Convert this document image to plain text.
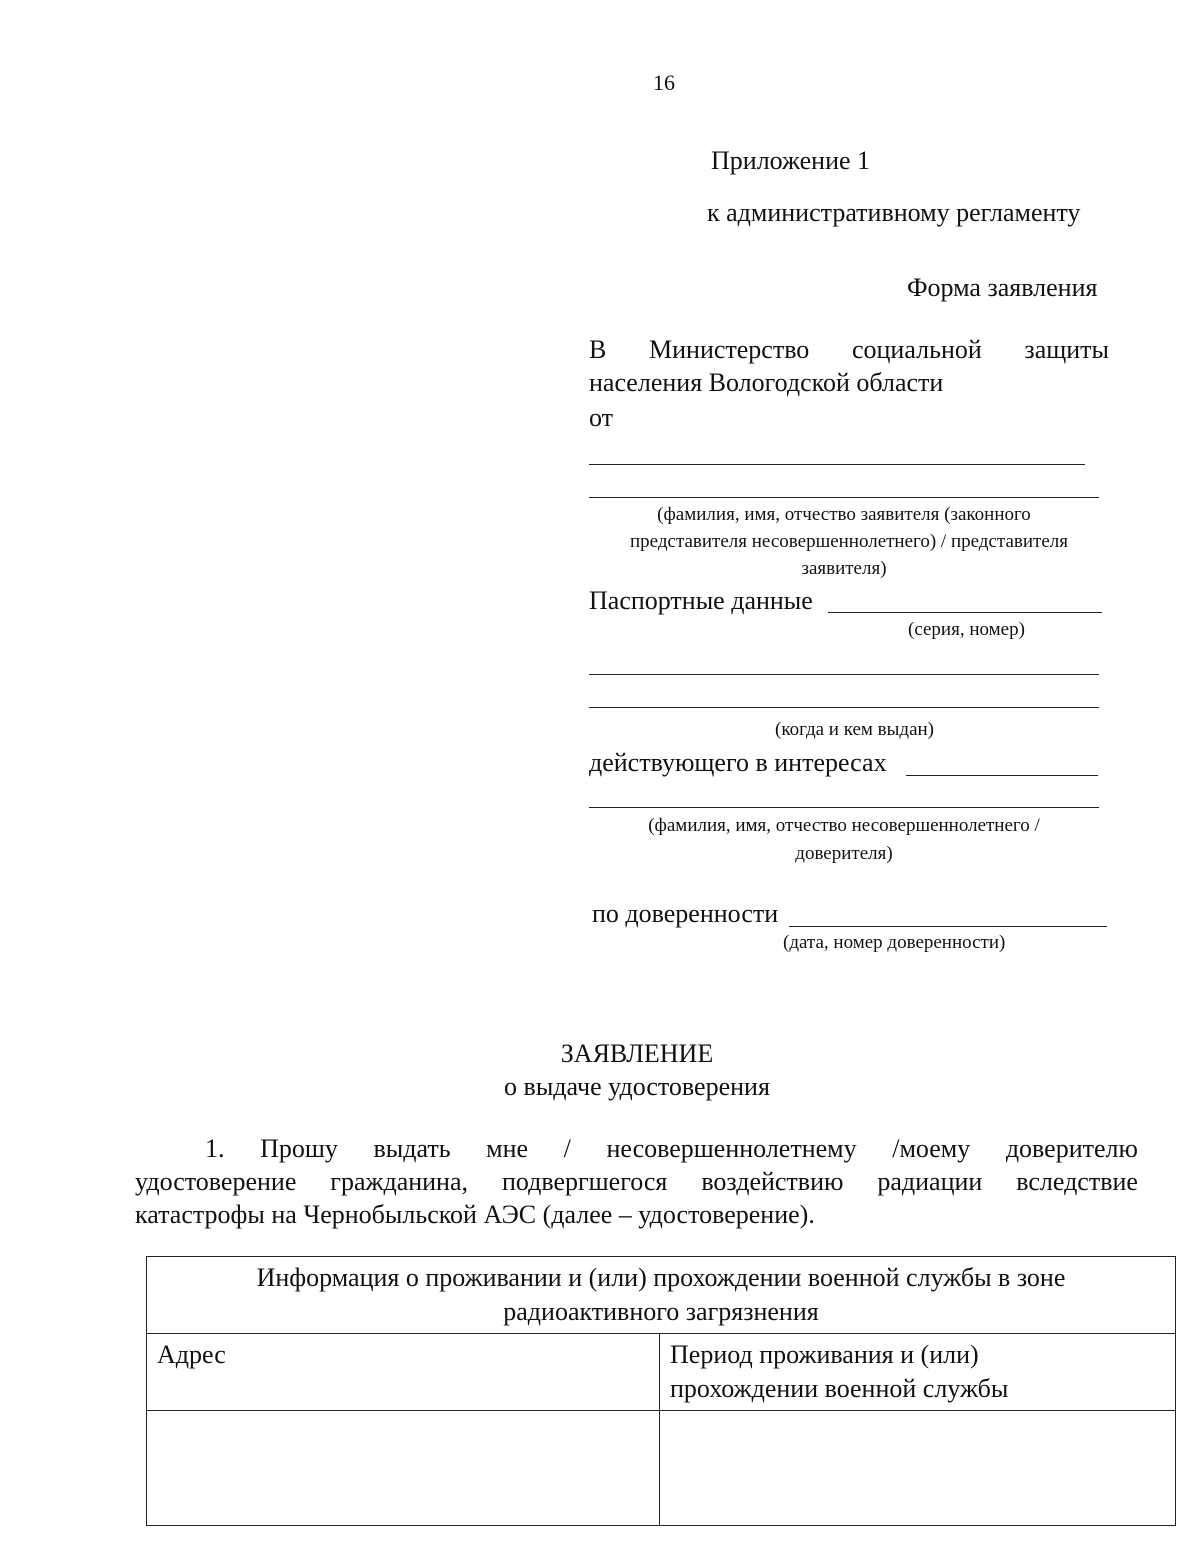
16
Приложение 1
к административному регламенту
Форма заявления
В Министерство социальной защиты
населения Вологодской области
от
(фамилия, имя, отчество заявителя (законного
представителя несовершеннолетнего) / представителя
заявителя)
Паспортные данные
(серия, номер)
(когда и кем выдан)
действующего в интересах
(фамилия, имя, отчество несовершеннолетнего /
доверителя)
по доверенности
(дата, номер доверенности)
ЗАЯВЛЕНИЕ
о выдаче удостоверения
1. Прошу выдать мне / несовершеннолетнему /моему доверителю
удостоверение гражданина, подвергшегося воздействию радиации вследствие
катастрофы на Чернобыльской АЭС (далее – удостоверение).
Информация о проживании и (или) прохождении военной службы в зоне
радиоактивного загрязнения	

Адрес	Период проживания и (или)
прохождении военной службы
